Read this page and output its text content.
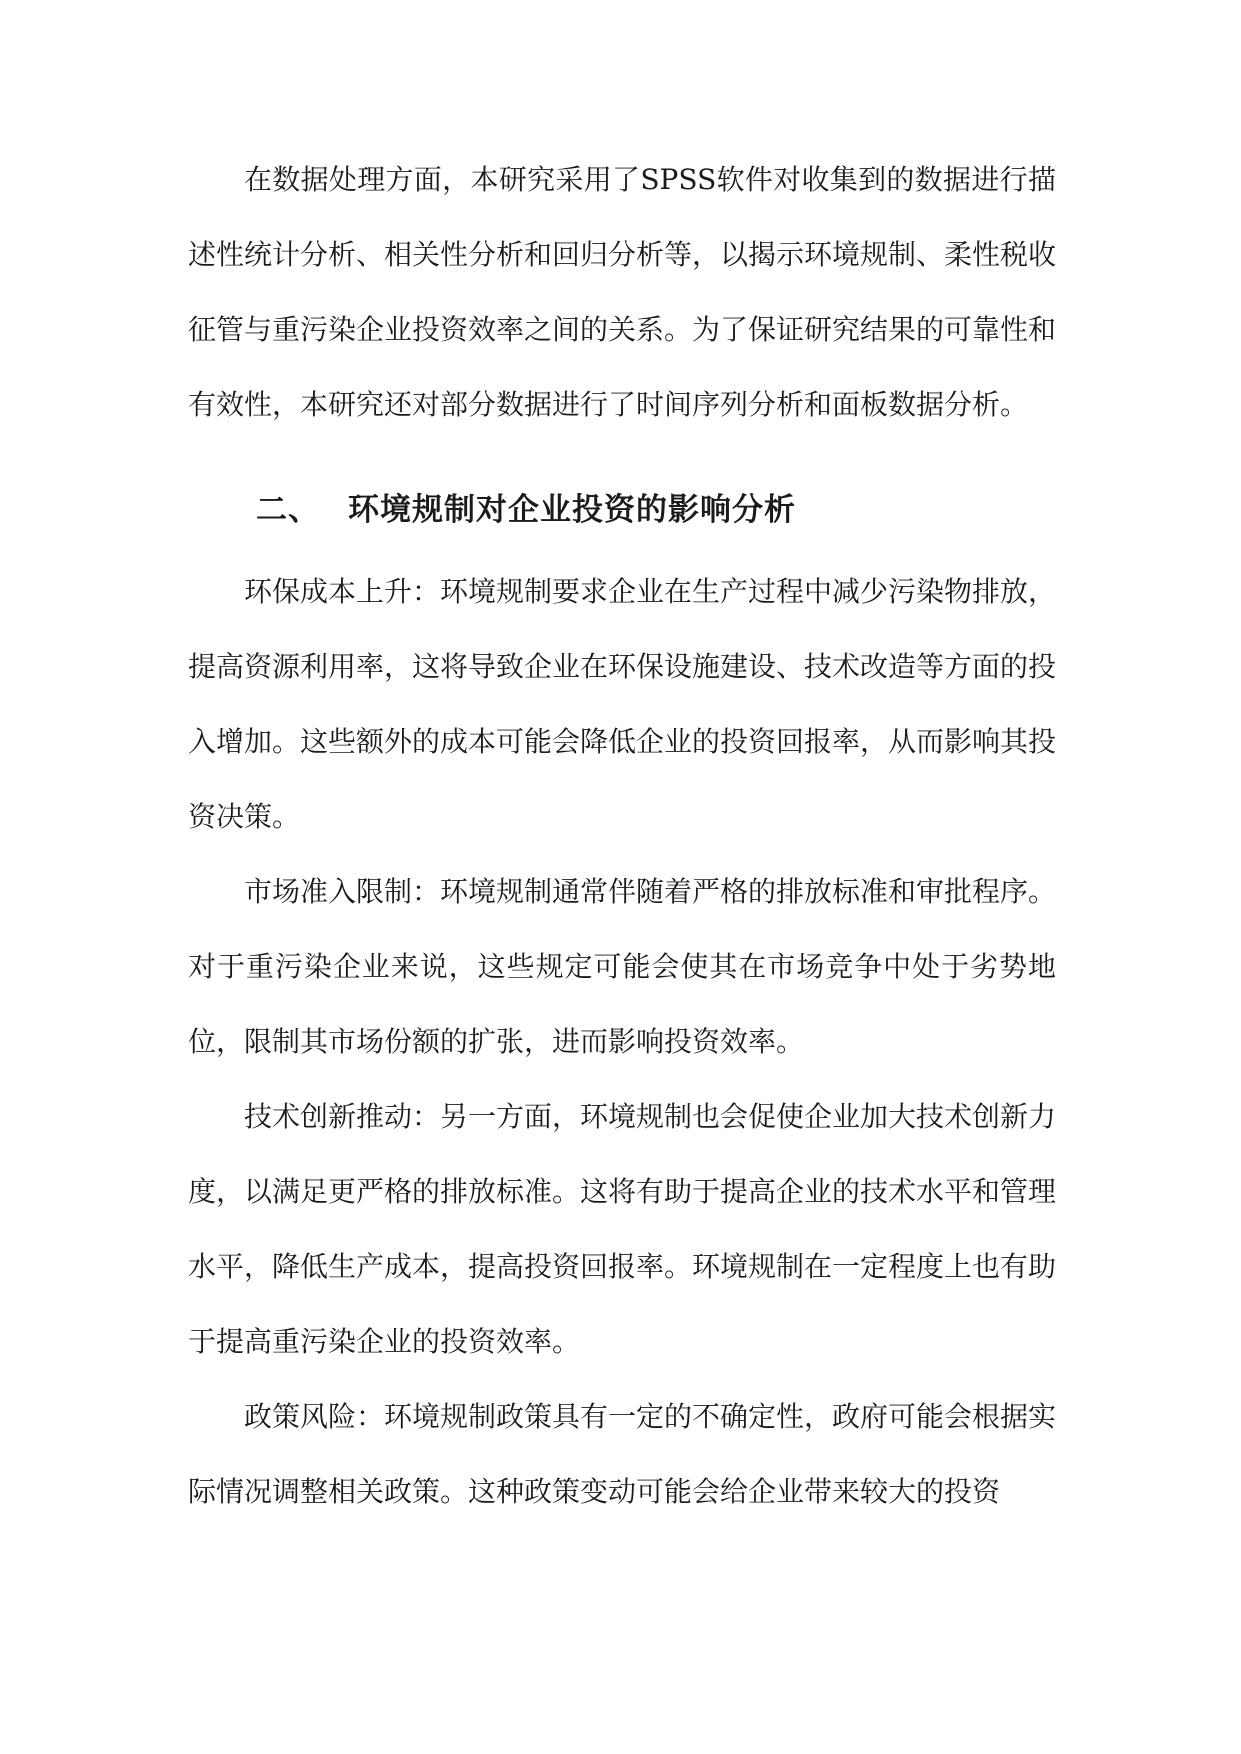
在数据处理方面，本研究采用了SPSS软件对收集到的数据进行描述性统计分析、相关性分析和回归分析等，以揭示环境规制、柔性税收征管与重污染企业投资效率之间的关系。为了保证研究结果的可靠性和有效性，本研究还对部分数据进行了时间序列分析和面板数据分析。

二、 环境规制对企业投资的影响分析

环保成本上升：环境规制要求企业在生产过程中减少污染物排放，提高资源利用率，这将导致企业在环保设施建设、技术改造等方面的投入增加。这些额外的成本可能会降低企业的投资回报率，从而影响其投资决策。

市场准入限制：环境规制通常伴随着严格的排放标准和审批程序。对于重污染企业来说，这些规定可能会使其在市场竞争中处于劣势地位，限制其市场份额的扩张，进而影响投资效率。

技术创新推动：另一方面，环境规制也会促使企业加大技术创新力度，以满足更严格的排放标准。这将有助于提高企业的技术水平和管理水平，降低生产成本，提高投资回报率。环境规制在一定程度上也有助于提高重污染企业的投资效率。

政策风险：环境规制政策具有一定的不确定性，政府可能会根据实际情况调整相关政策。这种政策变动可能会给企业带来较大的投资
